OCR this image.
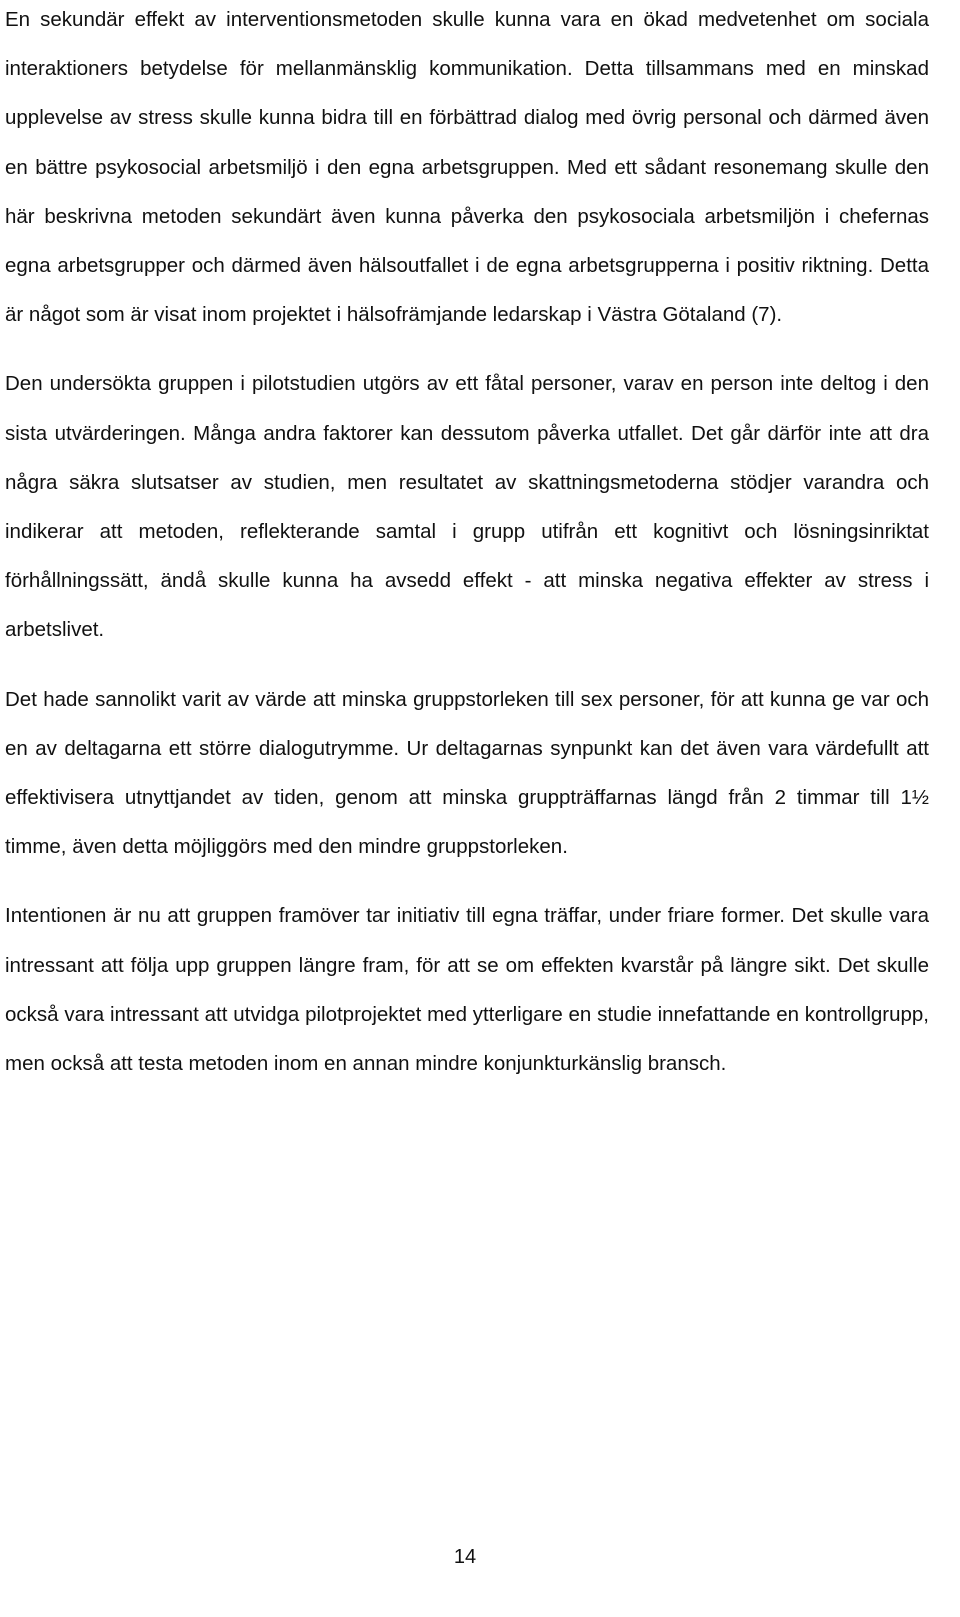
En sekundär effekt av interventionsmetoden skulle kunna vara en ökad medvetenhet om sociala interaktioners betydelse för mellanmänsklig kommunikation. Detta tillsammans med en minskad upplevelse av stress skulle kunna bidra till en förbättrad dialog med övrig personal och därmed även en bättre psykosocial arbetsmiljö i den egna arbetsgruppen. Med ett sådant resonemang skulle den här beskrivna metoden sekundärt även kunna påverka den psykosociala arbetsmiljön i chefernas egna arbetsgrupper och därmed även hälsoutfallet i de egna arbetsgrupperna i positiv riktning. Detta är något som är visat inom projektet i hälsofrämjande ledarskap i Västra Götaland (7).

Den undersökta gruppen i pilotstudien utgörs av ett fåtal personer, varav en person inte deltog i den sista utvärderingen. Många andra faktorer kan dessutom påverka utfallet. Det går därför inte att dra några säkra slutsatser av studien, men resultatet av skattningsmetoderna stödjer varandra och indikerar att metoden, reflekterande samtal i grupp utifrån ett kognitivt och lösningsinriktat förhållningssätt, ändå skulle kunna ha avsedd effekt - att minska negativa effekter av stress i arbetslivet.

Det hade sannolikt varit av värde att minska gruppstorleken till sex personer, för att kunna ge var och en av deltagarna ett större dialogutrymme. Ur deltagarnas synpunkt kan det även vara värdefullt att effektivisera utnyttjandet av tiden, genom att minska gruppträffarnas längd från 2 timmar till 1½ timme, även detta möjliggörs med den mindre gruppstorleken.

Intentionen är nu att gruppen framöver tar initiativ till egna träffar, under friare former. Det skulle vara intressant att följa upp gruppen längre fram, för att se om effekten kvarstår på längre sikt. Det skulle också vara intressant att utvidga pilotprojektet med ytterligare en studie innefattande en kontrollgrupp, men också att testa metoden inom en annan mindre konjunkturkänslig bransch.

14
